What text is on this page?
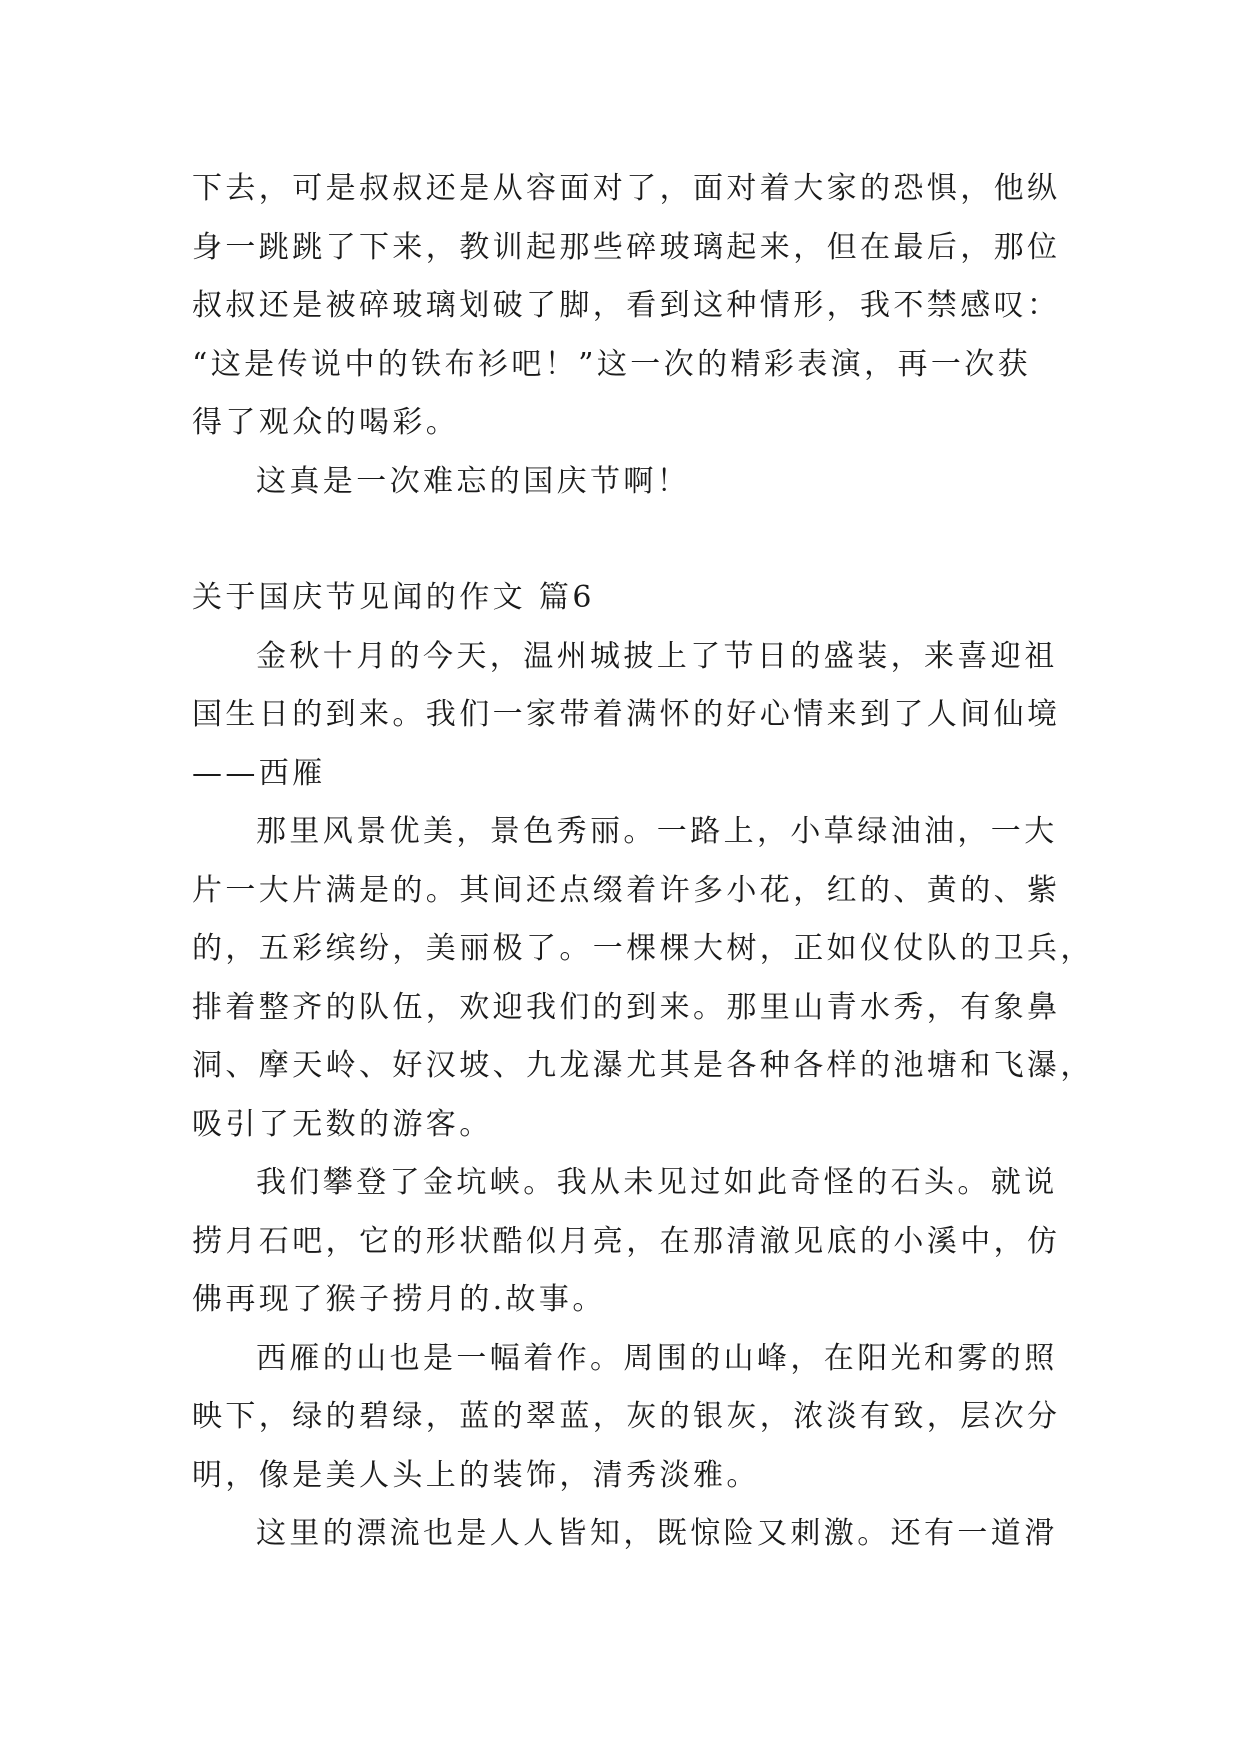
下去，可是叔叔还是从容面对了，面对着大家的恐惧，他纵
身一跳跳了下来，教训起那些碎玻璃起来，但在最后，那位
叔叔还是被碎玻璃划破了脚，看到这种情形，我不禁感叹：
“这是传说中的铁布衫吧！”这一次的精彩表演，再一次获
得了观众的喝彩。
这真是一次难忘的国庆节啊！
关于国庆节见闻的作文 篇6
金秋十月的今天，温州城披上了节日的盛装，来喜迎祖
国生日的到来。我们一家带着满怀的好心情来到了人间仙境
——西雁
那里风景优美，景色秀丽。一路上，小草绿油油，一大
片一大片满是的。其间还点缀着许多小花，红的、黄的、紫
的，五彩缤纷，美丽极了。一棵棵大树，正如仪仗队的卫兵，
排着整齐的队伍，欢迎我们的到来。那里山青水秀，有象鼻
洞、摩天岭、好汉坡、九龙瀑尤其是各种各样的池塘和飞瀑，
吸引了无数的游客。
我们攀登了金坑峡。我从未见过如此奇怪的石头。就说
捞月石吧，它的形状酷似月亮，在那清澈见底的小溪中，仿
佛再现了猴子捞月的.故事。
西雁的山也是一幅着作。周围的山峰，在阳光和雾的照
映下，绿的碧绿，蓝的翠蓝，灰的银灰，浓淡有致，层次分
明，像是美人头上的装饰，清秀淡雅。
这里的漂流也是人人皆知，既惊险又刺激。还有一道滑
